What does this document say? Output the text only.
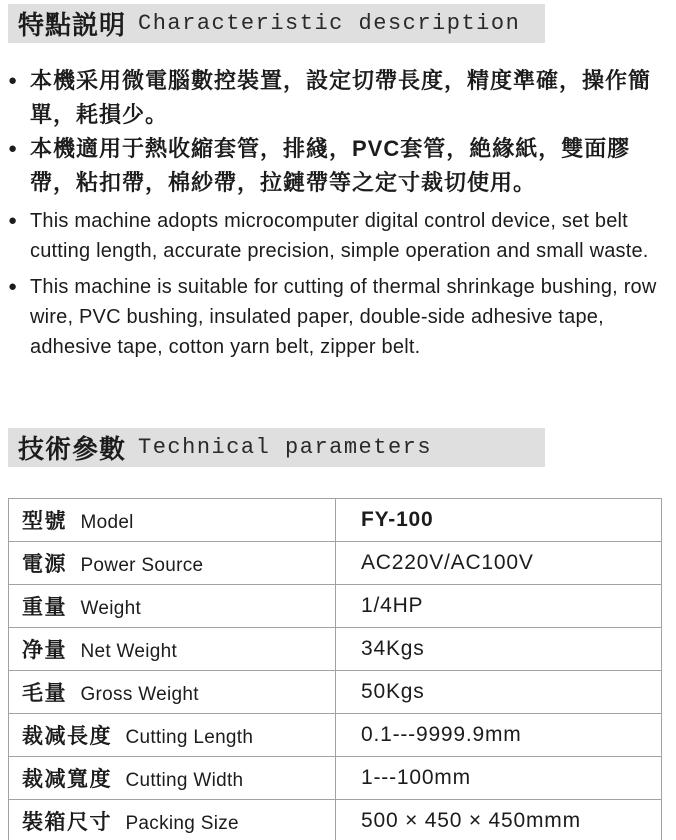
特點説明 Characteristic description
● 本機采用微電腦數控裝置，設定切帶長度，精度準確，操作簡單，耗損少。
● 本機適用于熱收縮套管，排綫，PVC套管，絶緣紙，雙面膠帶，粘扣帶，棉紗帶，拉鏈帶等之定寸裁切使用。
● This machine adopts microcomputer digital control device, set belt cutting length, accurate precision, simple operation and small waste.
● This machine is suitable for cutting of thermal shrinkage bushing, row wire, PVC bushing, insulated paper, double-side adhesive tape, adhesive tape, cotton yarn belt, zipper belt.
技術參數 Technical parameters
型號 Model	FY-100
電源 Power Source	AC220V/AC100V
重量 Weight	1/4HP
净量 Net Weight	34Kgs
毛量 Gross Weight	50Kgs
裁减長度 Cutting Length	0.1---9999.9mm
裁减寬度 Cutting Width	1---100mm
裝箱尺寸 Packing Size	500 × 450 × 450mmm
